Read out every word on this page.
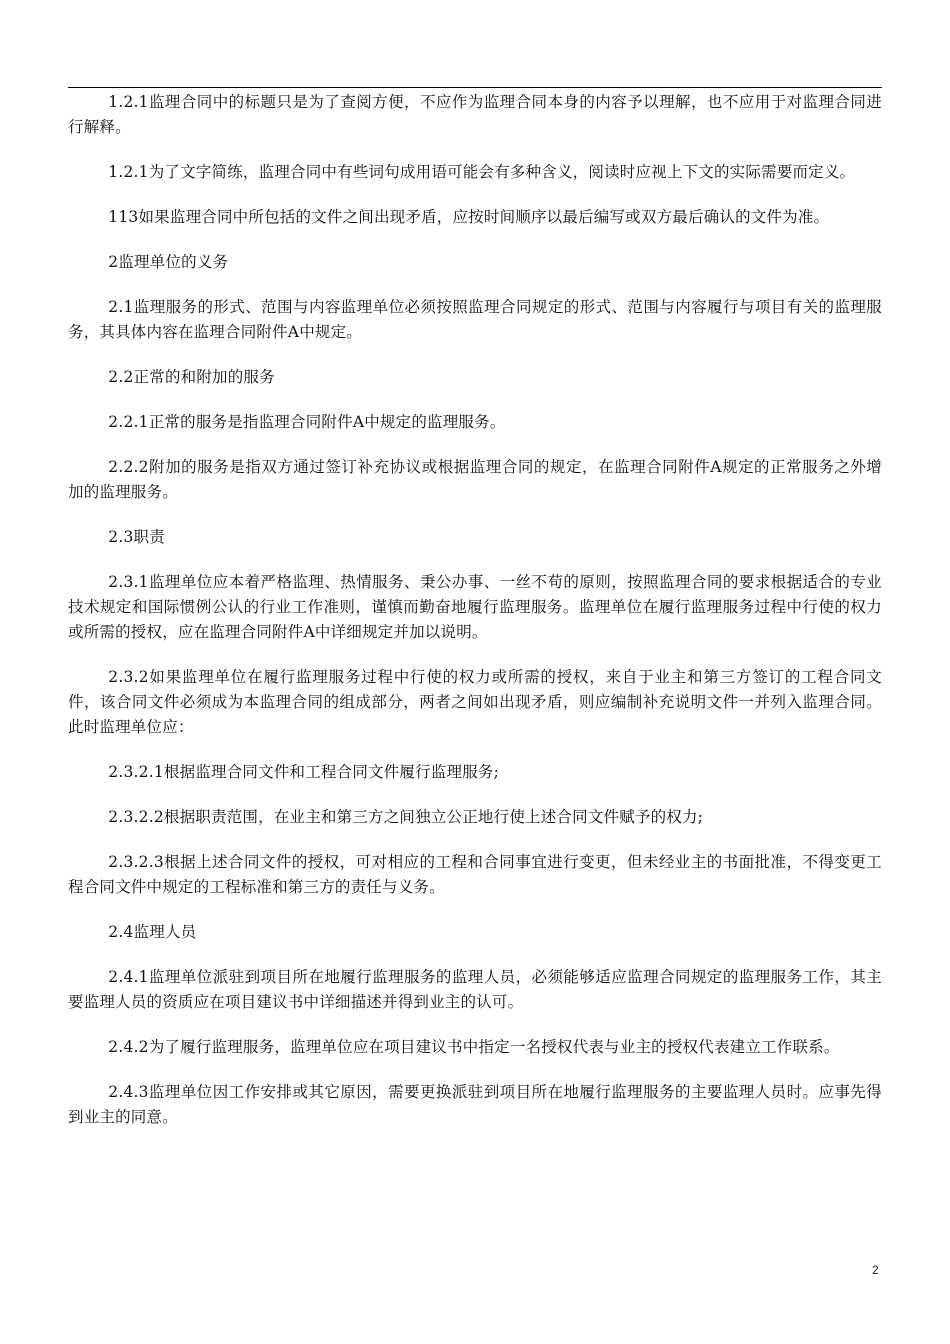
1.2.1监理合同中的标题只是为了查阅方便，不应作为监理合同本身的内容予以理解，也不应用于对监理合同进行解释。

1.2.1为了文字简练，监理合同中有些词句成用语可能会有多种含义，阅读时应视上下文的实际需要而定义。

113如果监理合同中所包括的文件之间出现矛盾，应按时间顺序以最后编写或双方最后确认的文件为准。

2监理单位的义务

2.1监理服务的形式、范围与内容监理单位必须按照监理合同规定的形式、范围与内容履行与项目有关的监理服务，其具体内容在监理合同附件A中规定。

2.2正常的和附加的服务

2.2.1正常的服务是指监理合同附件A中规定的监理服务。

2.2.2附加的服务是指双方通过签订补充协议或根据监理合同的规定，在监理合同附件A规定的正常服务之外增加的监理服务。

2.3职责

2.3.1监理单位应本着严格监理、热情服务、秉公办事、一丝不苟的原则，按照监理合同的要求根据适合的专业技术规定和国际惯例公认的行业工作准则，谨慎而勤奋地履行监理服务。监理单位在履行监理服务过程中行使的权力或所需的授权，应在监理合同附件A中详细规定并加以说明。

2.3.2如果监理单位在履行监理服务过程中行使的权力或所需的授权，来自于业主和第三方签订的工程合同文件，该合同文件必须成为本监理合同的组成部分，两者之间如出现矛盾，则应编制补充说明文件一并列入监理合同。此时监理单位应：

2.3.2.1根据监理合同文件和工程合同文件履行监理服务;

2.3.2.2根据职责范围，在业主和第三方之间独立公正地行使上述合同文件赋予的权力;

2.3.2.3根据上述合同文件的授权，可对相应的工程和合同事宜进行变更，但未经业主的书面批准，不得变更工程合同文件中规定的工程标准和第三方的责任与义务。

2.4监理人员

2.4.1监理单位派驻到项目所在地履行监理服务的监理人员，必须能够适应监理合同规定的监理服务工作，其主要监理人员的资质应在项目建议书中详细描述并得到业主的认可。

2.4.2为了履行监理服务，监理单位应在项目建议书中指定一名授权代表与业主的授权代表建立工作联系。

2.4.3监理单位因工作安排或其它原因，需要更换派驻到项目所在地履行监理服务的主要监理人员时。应事先得到业主的同意。

2
